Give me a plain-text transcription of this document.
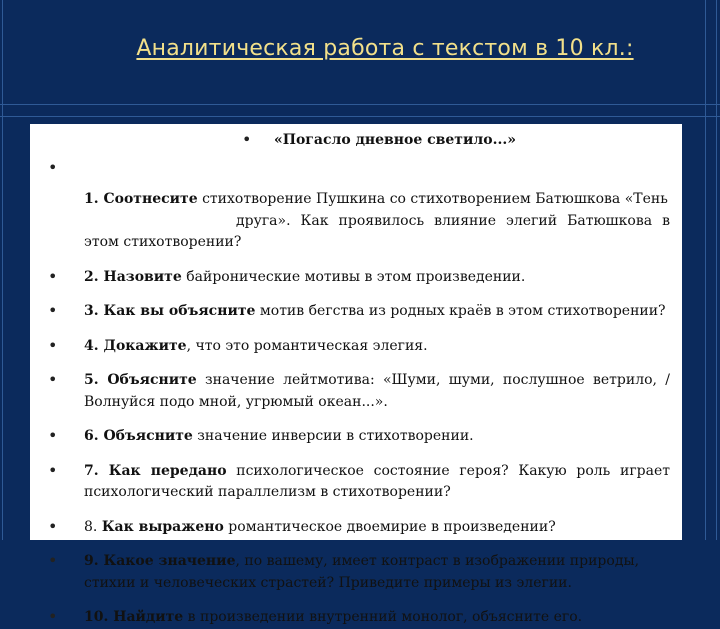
Аналитическая работа с текстом в 10 кл.:
• «Погасло дневное светило...»
•

1. Соотнесите стихотворение Пушкина со стихотворением Батюшкова «Тень
друга». Как проявилось влияние элегий Батюшкова в этом стихотворении?
• 2. Назовите байронические мотивы в этом произведении.
• 3. Как вы объясните мотив бегства из родных краёв в этом стихотворении?
• 4. Докажите, что это романтическая элегия.
• 5. Объясните значение лейтмотива: «Шуми, шуми, послушное ветрило, / Волнуйся подо мной, угрюмый океан...».
• 6. Объясните значение инверсии в стихотворении.
• 7. Как передано психологическое состояние героя? Какую роль играет психологический параллелизм в стихотворении?
• 8. Как выражено романтическое двоемирие в произведении?
• 9. Какое значение, по вашему, имеет контраст в изображении природы, стихии и человеческих страстей? Приведите примеры из элегии.
• 10. Найдите в произведении внутренний монолог, объясните его.
